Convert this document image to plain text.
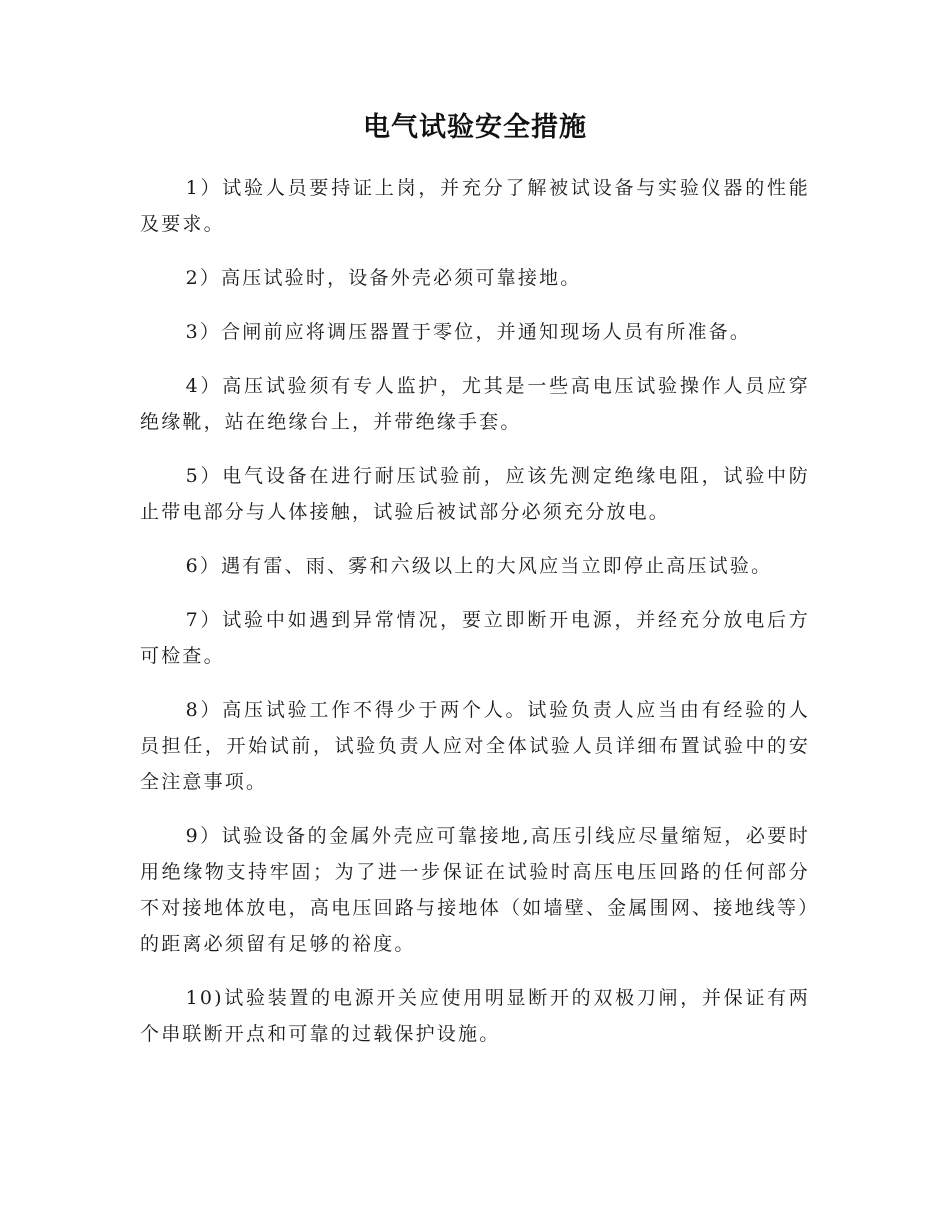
电气试验安全措施

1）试验人员要持证上岗，并充分了解被试设备与实验仪器的性能及要求。

2）高压试验时，设备外壳必须可靠接地。

3）合闸前应将调压器置于零位，并通知现场人员有所准备。

4）高压试验须有专人监护，尤其是一些高电压试验操作人员应穿绝缘靴，站在绝缘台上，并带绝缘手套。

5）电气设备在进行耐压试验前，应该先测定绝缘电阻，试验中防止带电部分与人体接触，试验后被试部分必须充分放电。

6）遇有雷、雨、雾和六级以上的大风应当立即停止高压试验。

7）试验中如遇到异常情况，要立即断开电源，并经充分放电后方可检查。

8）高压试验工作不得少于两个人。试验负责人应当由有经验的人员担任，开始试前，试验负责人应对全体试验人员详细布置试验中的安全注意事项。

9）试验设备的金属外壳应可靠接地,高压引线应尽量缩短，必要时用绝缘物支持牢固；为了进一步保证在试验时高压电压回路的任何部分不对接地体放电，高电压回路与接地体（如墙壁、金属围网、接地线等）的距离必须留有足够的裕度。

10)试验装置的电源开关应使用明显断开的双极刀闸，并保证有两个串联断开点和可靠的过载保护设施。
